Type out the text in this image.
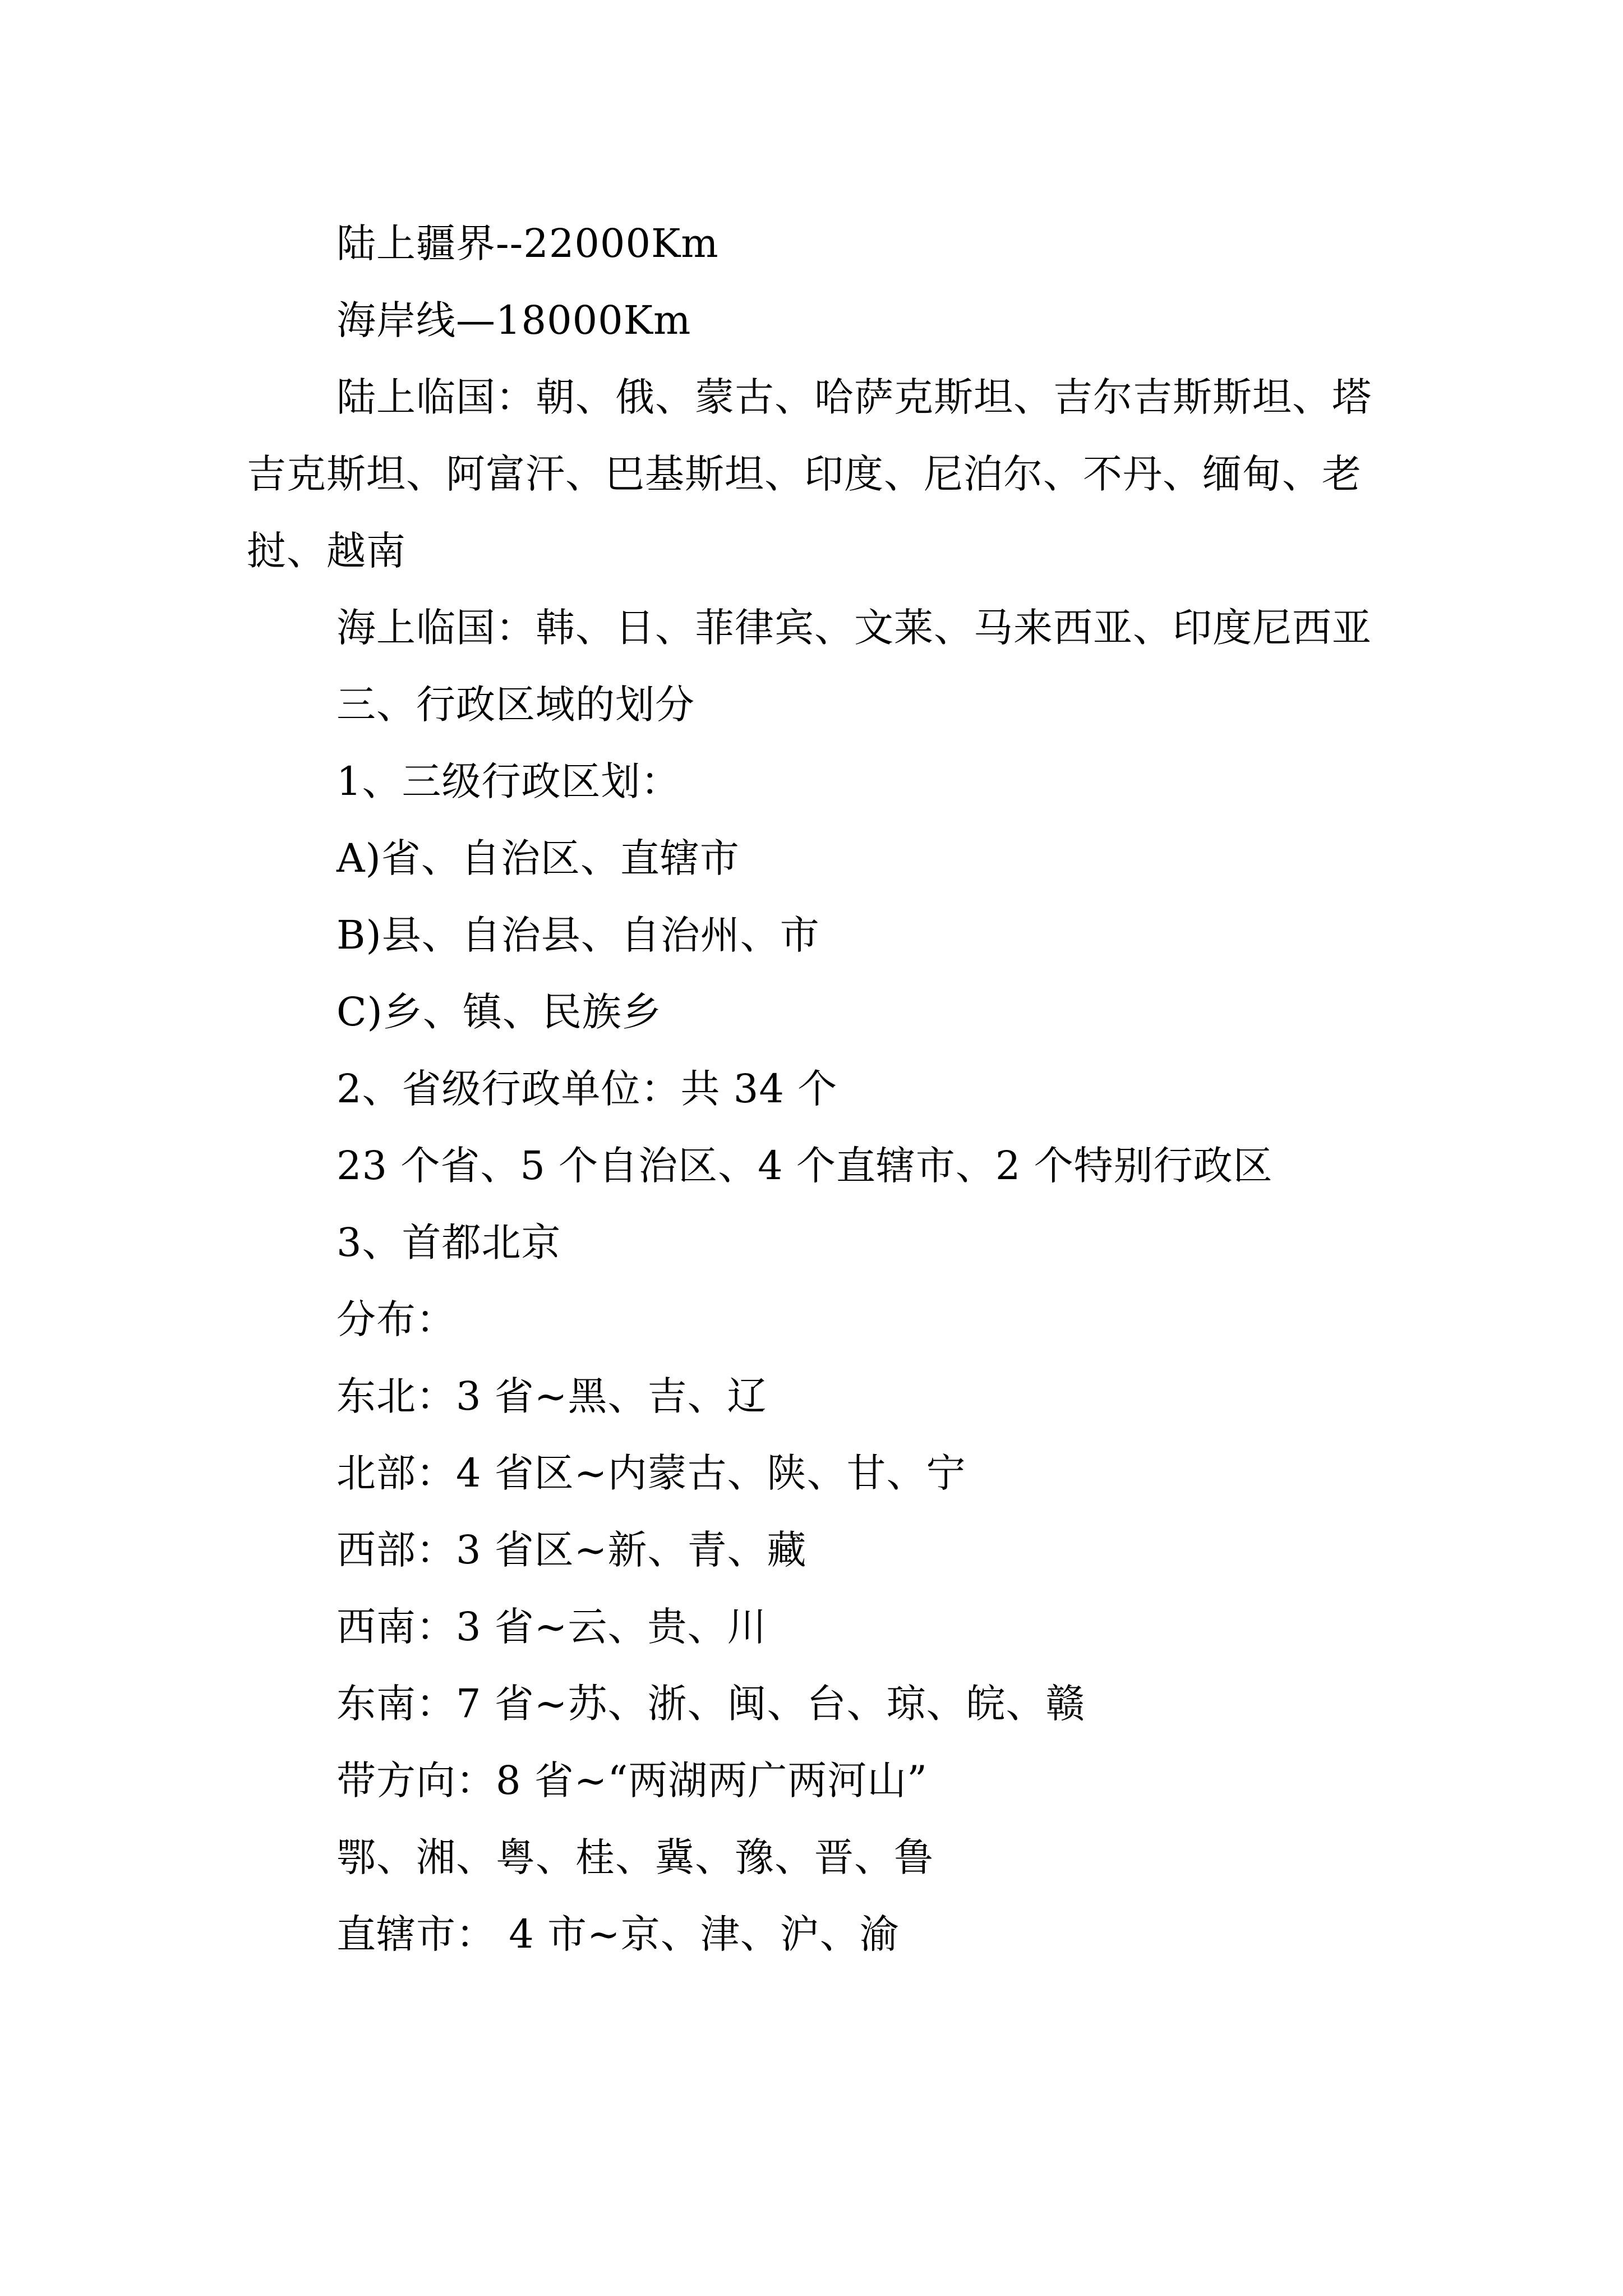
陆上疆界--22000Km

海岸线—18000Km

陆上临国：朝、俄、蒙古、哈萨克斯坦、吉尔吉斯斯坦、塔吉克斯坦、阿富汗、巴基斯坦、印度、尼泊尔、不丹、缅甸、老挝、越南

海上临国：韩、日、菲律宾、文莱、马来西亚、印度尼西亚

三、行政区域的划分

1、三级行政区划：

A)省、自治区、直辖市

B)县、自治县、自治州、市

C)乡、镇、民族乡

2、省级行政单位：共 34 个

23 个省、5 个自治区、4 个直辖市、2 个特别行政区

3、首都北京

分布：

东北：3 省~黑、吉、辽

北部：4 省区~内蒙古、陕、甘、宁

西部：3 省区~新、青、藏

西南：3 省~云、贵、川

东南：7 省~苏、浙、闽、台、琼、皖、赣

带方向：8 省~“两湖两广两河山”

鄂、湘、粤、桂、冀、豫、晋、鲁

直辖市： 4 市~京、津、沪、渝
